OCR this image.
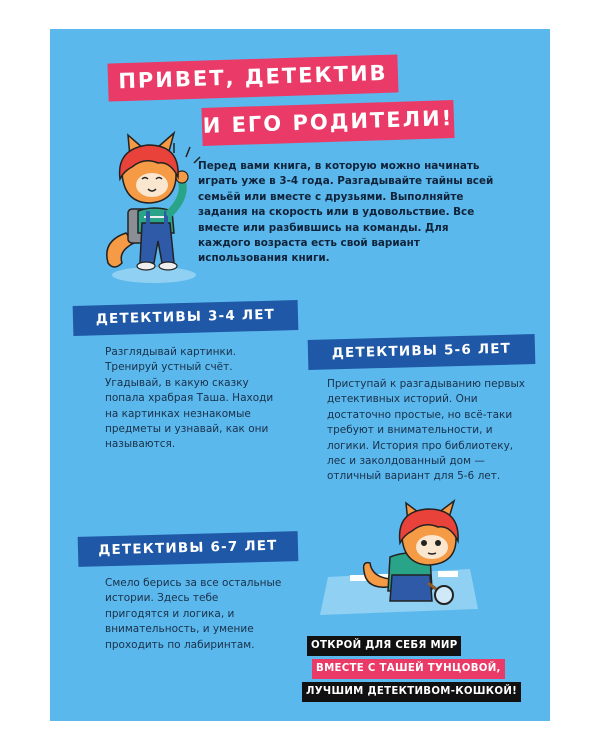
ПРИВЕТ, ДЕТЕКТИВ
И ЕГО РОДИТЕЛИ!
Перед вами книга, в которую можно начинать играть уже в 3-4 года. Разгадывайте тайны всей семьёй или вместе с друзьями. Выполняйте задания на скорость или в удовольствие. Все вместе или разбившись на команды. Для каждого возраста есть свой вариант использования книги.
ДЕТЕКТИВЫ 3-4 ЛЕТ
Разглядывай картинки. Тренируй устный счёт. Угадывай, в какую сказку попала храбрая Таша. Находи на картинках незнакомые предметы и узнавай, как они называются.
ДЕТЕКТИВЫ 5-6 ЛЕТ
Приступай к разгадыванию первых детективных историй. Они достаточно простые, но всё-таки требуют и внимательности, и логики. История про библиотеку, лес и заколдованный дом — отличный вариант для 5-6 лет.
ДЕТЕКТИВЫ 6-7 ЛЕТ
Смело берись за все остальные истории. Здесь тебе пригодятся и логика, и внимательность, и умение проходить по лабиринтам.	ОТКРОЙ ДЛЯ СЕБЯ МИР
ВМЕСТЕ С ТАШЕЙ ТУНЦОВОЙ,
ЛУЧШИМ ДЕТЕКТИВОМ-КОШКОЙ!
